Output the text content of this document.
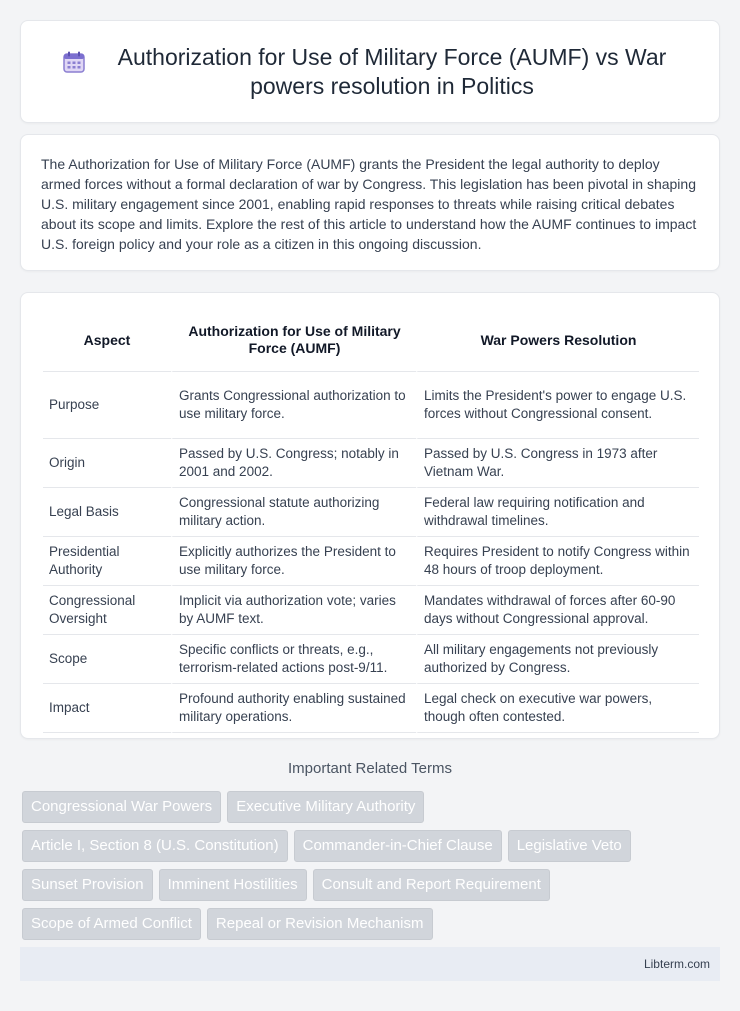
Authorization for Use of Military Force (AUMF) vs War powers resolution in Politics

The Authorization for Use of Military Force (AUMF) grants the President the legal authority to deploy armed forces without a formal declaration of war by Congress. This legislation has been pivotal in shaping U.S. military engagement since 2001, enabling rapid responses to threats while raising critical debates about its scope and limits. Explore the rest of this article to understand how the AUMF continues to impact U.S. foreign policy and your role as a citizen in this ongoing discussion.

Aspect	Authorization for Use of Military Force (AUMF)	War Powers Resolution
Purpose	Grants Congressional authorization to use military force.	Limits the President's power to engage U.S. forces without Congressional consent.
Origin	Passed by U.S. Congress; notably in 2001 and 2002.	Passed by U.S. Congress in 1973 after Vietnam War.
Legal Basis	Congressional statute authorizing military action.	Federal law requiring notification and withdrawal timelines.
Presidential Authority	Explicitly authorizes the President to use military force.	Requires President to notify Congress within 48 hours of troop deployment.
Congressional Oversight	Implicit via authorization vote; varies by AUMF text.	Mandates withdrawal of forces after 60-90 days without Congressional approval.
Scope	Specific conflicts or threats, e.g., terrorism-related actions post-9/11.	All military engagements not previously authorized by Congress.
Impact	Profound authority enabling sustained military operations.	Legal check on executive war powers, though often contested.
Important Related Terms
Congressional War Powers	Executive Military Authority
Article I, Section 8 (U.S. Constitution)	Commander-in-Chief Clause	Legislative Veto
Sunset Provision	Imminent Hostilities	Consult and Report Requirement
Scope of Armed Conflict	Repeal or Revision Mechanism
Libterm.com
